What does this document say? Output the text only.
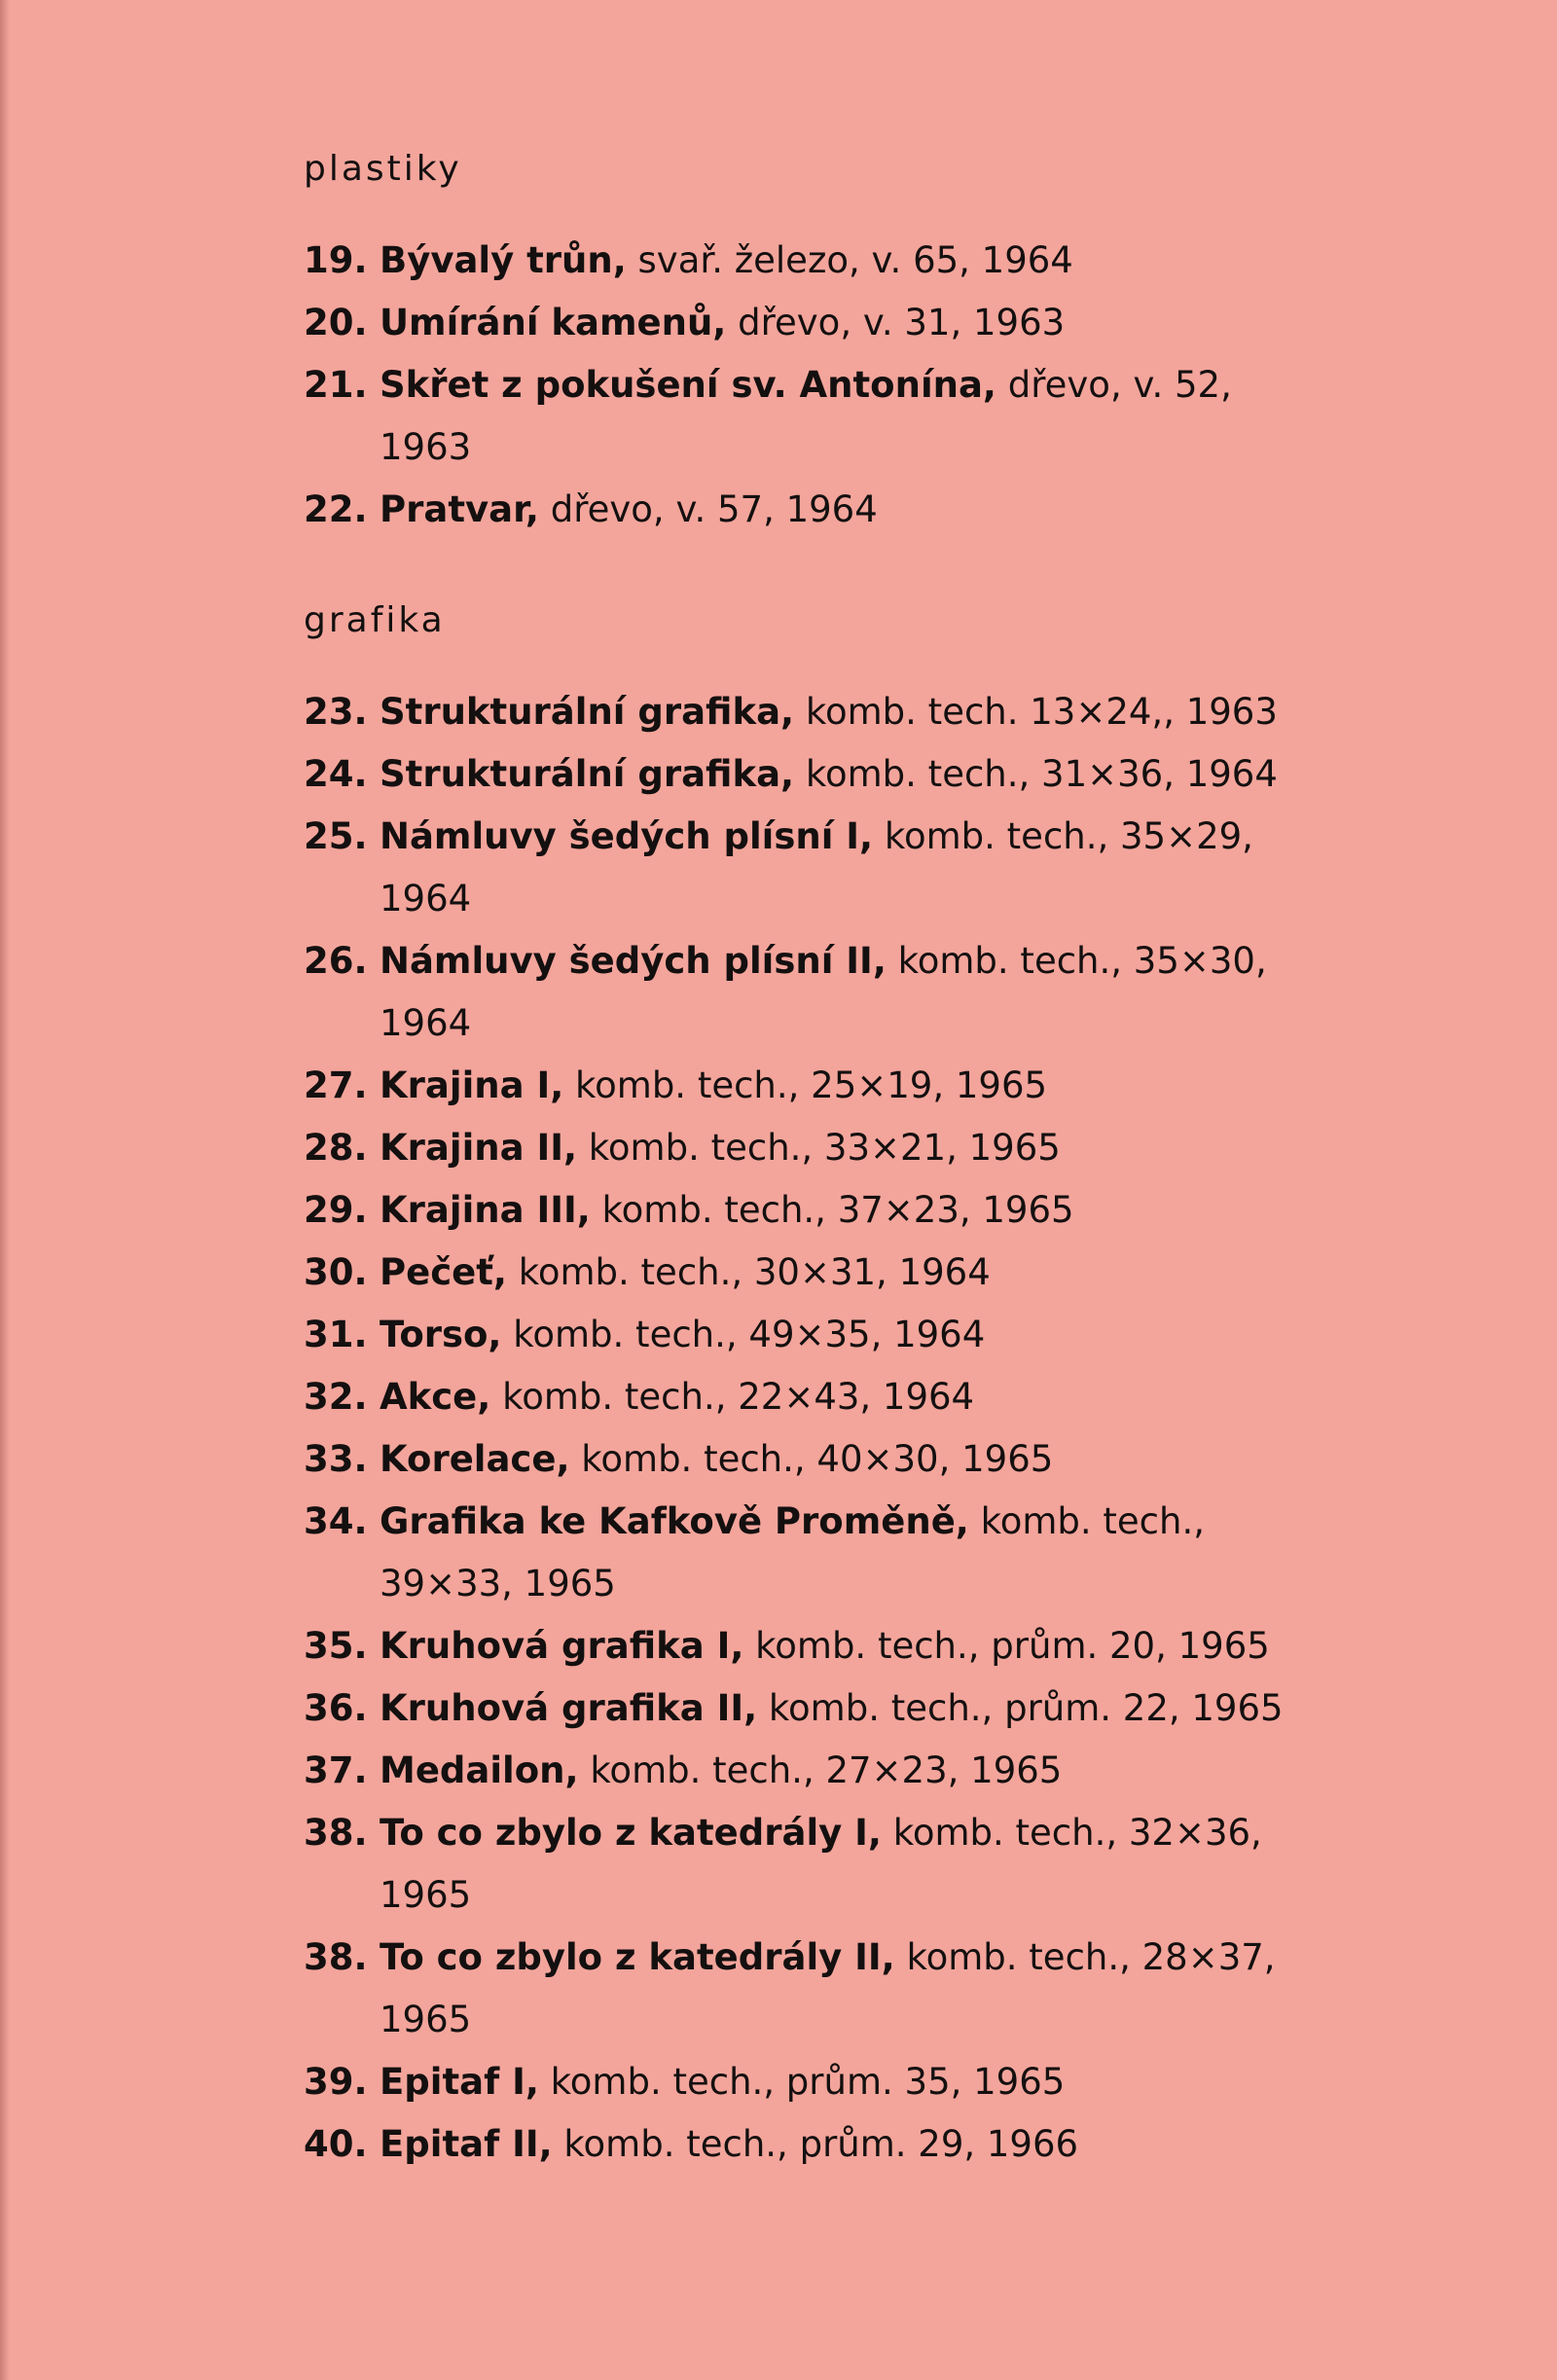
plastiky
19. Bývalý trůn, svař. železo, v. 65, 1964
20. Umírání kamenů, dřevo, v. 31, 1963
21. Skřet z pokušení sv. Antonína, dřevo, v. 52,
1963
22. Pratvar, dřevo, v. 57, 1964
grafika
23. Strukturální grafika, komb. tech. 13×24,, 1963
24. Strukturální grafika, komb. tech., 31×36, 1964
25. Námluvy šedých plísní I, komb. tech., 35×29,
1964
26. Námluvy šedých plísní II, komb. tech., 35×30,
1964
27. Krajina I, komb. tech., 25×19, 1965
28. Krajina II, komb. tech., 33×21, 1965
29. Krajina III, komb. tech., 37×23, 1965
30. Pečeť, komb. tech., 30×31, 1964
31. Torso, komb. tech., 49×35, 1964
32. Akce, komb. tech., 22×43, 1964
33. Korelace, komb. tech., 40×30, 1965
34. Grafika ke Kafkově Proměně, komb. tech.,
39×33, 1965
35. Kruhová grafika I, komb. tech., prům. 20, 1965
36. Kruhová grafika II, komb. tech., prům. 22, 1965
37. Medailon, komb. tech., 27×23, 1965
38. To co zbylo z katedrály I, komb. tech., 32×36,
1965
38. To co zbylo z katedrály II, komb. tech., 28×37,
1965
39. Epitaf I, komb. tech., prům. 35, 1965
40. Epitaf II, komb. tech., prům. 29, 1966
